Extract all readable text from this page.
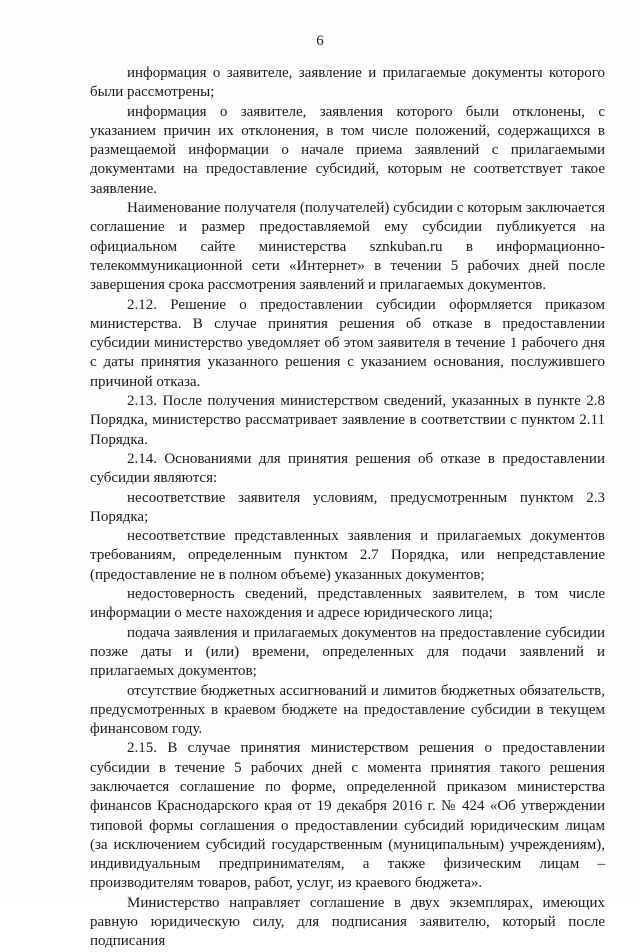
6

информация о заявителе, заявление и прилагаемые документы которого были рассмотрены;

информация о заявителе, заявления которого были отклонены, с указанием причин их отклонения, в том числе положений, содержащихся в размещаемой информации о начале приема заявлений с прилагаемыми документами на предоставление субсидий, которым не соответствует такое заявление.

Наименование получателя (получателей) субсидии с которым заключается соглашение и размер предоставляемой ему субсидии публикуется на официальном сайте министерства sznkuban.ru в информационно-телекоммуникационной сети «Интернет» в течении 5 рабочих дней после завершения срока рассмотрения заявлений и прилагаемых документов.

2.12. Решение о предоставлении субсидии оформляется приказом министерства. В случае принятия решения об отказе в предоставлении субсидии министерство уведомляет об этом заявителя в течение 1 рабочего дня с даты принятия указанного решения с указанием основания, послужившего причиной отказа.

2.13. После получения министерством сведений, указанных в пункте 2.8 Порядка, министерство рассматривает заявление в соответствии с пунктом 2.11 Порядка.

2.14. Основаниями для принятия решения об отказе в предоставлении субсидии являются:

несоответствие заявителя условиям, предусмотренным пунктом 2.3 Порядка;

несоответствие представленных заявления и прилагаемых документов требованиям, определенным пунктом 2.7 Порядка, или непредставление (предоставление не в полном объеме) указанных документов;

недостоверность сведений, представленных заявителем, в том числе информации о месте нахождения и адресе юридического лица;

подача заявления и прилагаемых документов на предоставление субсидии позже даты и (или) времени, определенных для подачи заявлений и прилагаемых документов;

отсутствие бюджетных ассигнований и лимитов бюджетных обязательств, предусмотренных в краевом бюджете на предоставление субсидии в текущем финансовом году.

2.15. В случае принятия министерством решения о предоставлении субсидии в течение 5 рабочих дней с момента принятия такого решения заключается соглашение по форме, определенной приказом министерства финансов Краснодарского края от 19 декабря 2016 г. № 424 «Об утверждении типовой формы соглашения о предоставлении субсидий юридическим лицам (за исключением субсидий государственным (муниципальным) учреждениям), индивидуальным предпринимателям, а также физическим лицам – производителям товаров, работ, услуг, из краевого бюджета».

Министерство направляет соглашение в двух экземплярах, имеющих равную юридическую силу, для подписания заявителю, который после подписания
